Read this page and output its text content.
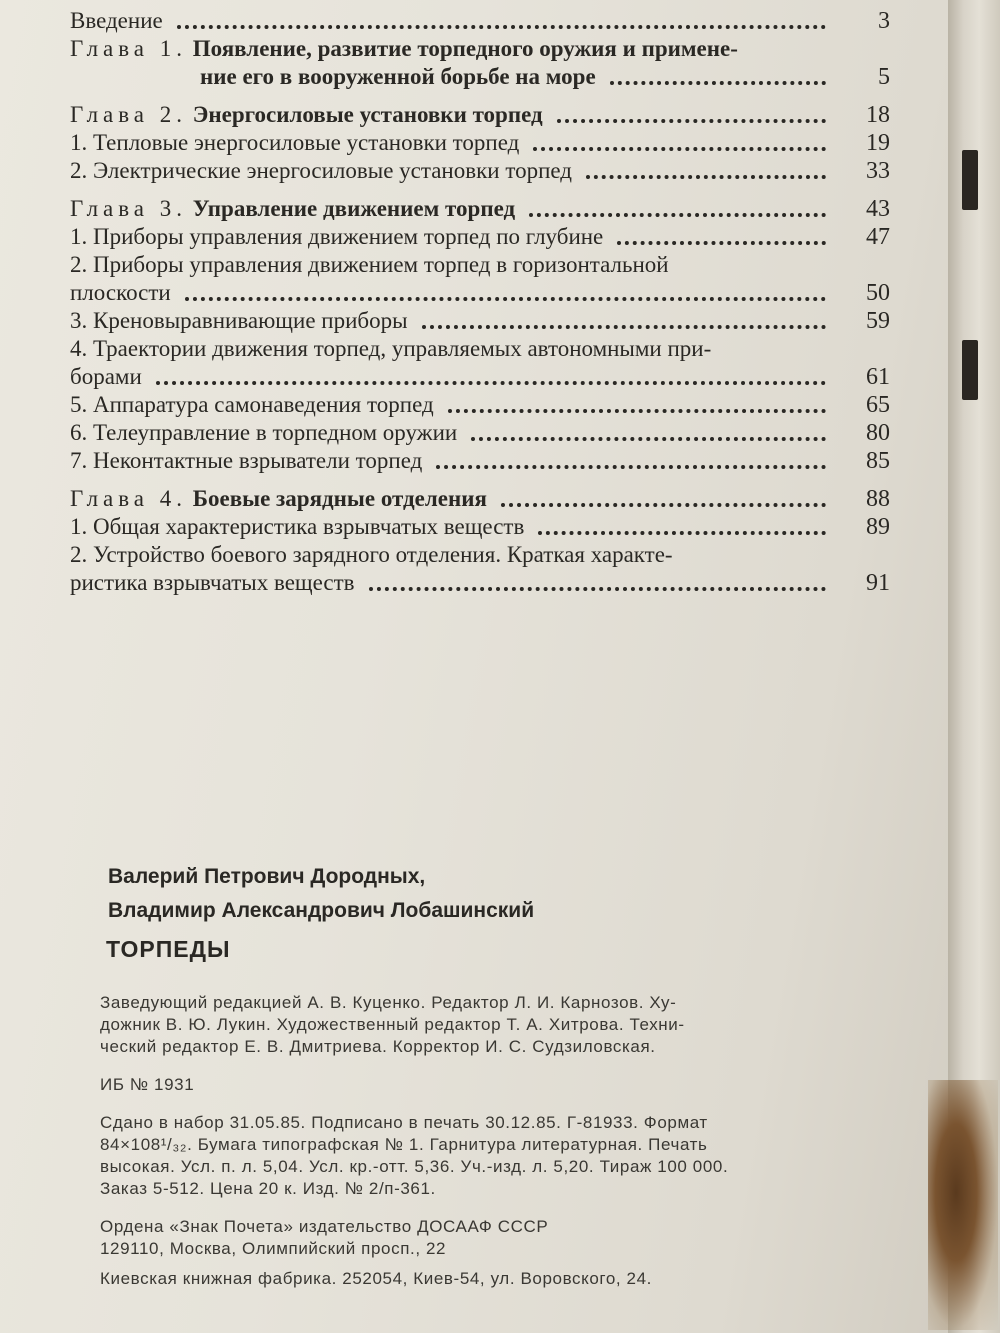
Введение	3
Глава 1. Появление, развитие торпедного оружия и примене-
ние его в вооруженной борьбе на море	5
Глава 2. Энергосиловые установки торпед	18
1. Тепловые энергосиловые установки торпед	19
2. Электрические энергосиловые установки торпед	33
Глава 3. Управление движением торпед	43
1. Приборы управления движением торпед по глубине	47
2. Приборы управления движением торпед в горизонтальной
плоскости	50
3. Креновыравнивающие приборы	59
4. Траектории движения торпед, управляемых автономными при-
борами	61
5. Аппаратура самонаведения торпед	65
6. Телеуправление в торпедном оружии	80
7. Неконтактные взрыватели торпед	85
Глава 4. Боевые зарядные отделения	88
1. Общая характеристика взрывчатых веществ	89
2. Устройство боевого зарядного отделения. Краткая характе-
ристика взрывчатых веществ	91
Валерий Петрович Дородных,
Владимир Александрович Лобашинский
ТОРПЕДЫ

Заведующий редакцией А. В. Куценко. Редактор Л. И. Карнозов. Ху-

дожник В. Ю. Лукин. Художественный редактор Т. А. Хитрова. Техни-

ческий редактор Е. В. Дмитриева. Корректор И. С. Судзиловская.

ИБ № 1931

Сдано в набор 31.05.85. Подписано в печать 30.12.85. Г-81933. Формат

84×108¹/₃₂. Бумага типографская № 1. Гарнитура литературная. Печать

высокая. Усл. п. л. 5,04. Усл. кр.-отт. 5,36. Уч.-изд. л. 5,20. Тираж 100 000.

Заказ 5-512. Цена 20 к. Изд. № 2/п-361.

Ордена «Знак Почета» издательство ДОСААФ СССР

129110, Москва, Олимпийский просп., 22

Киевская книжная фабрика. 252054, Киев-54, ул. Воровского, 24.
